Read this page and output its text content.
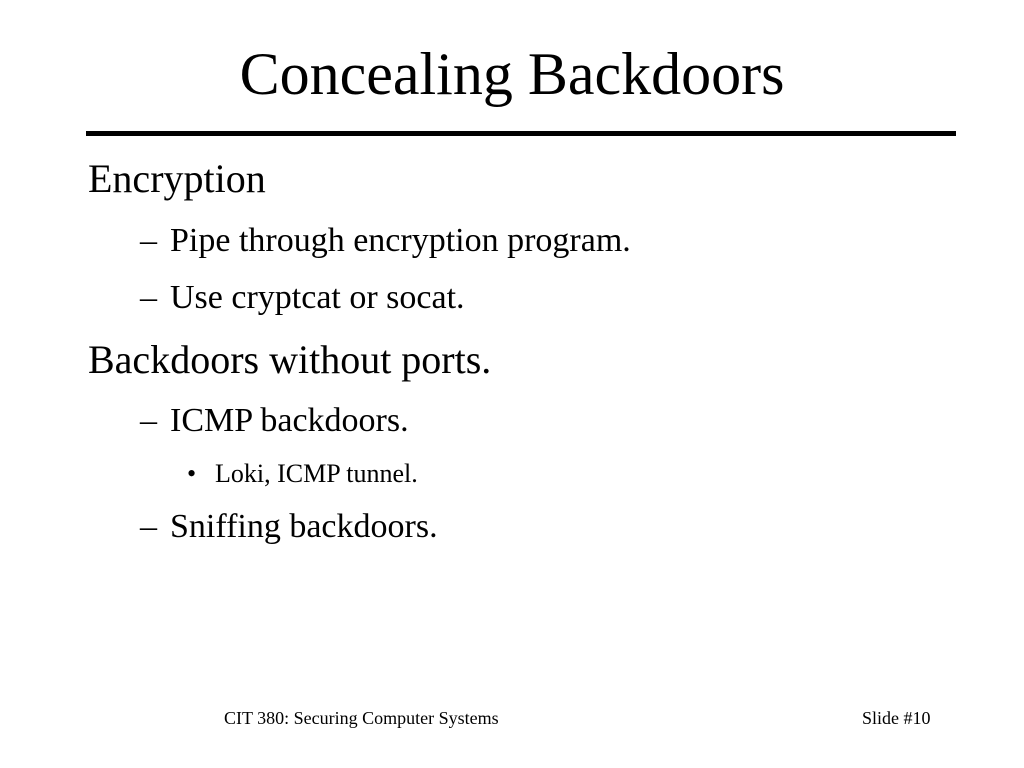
Concealing Backdoors
Encryption
– Pipe through encryption program.
– Use cryptcat or socat.
Backdoors without ports.
– ICMP backdoors.
• Loki, ICMP tunnel.
– Sniffing backdoors.
CIT 380: Securing Computer Systems	Slide #10
